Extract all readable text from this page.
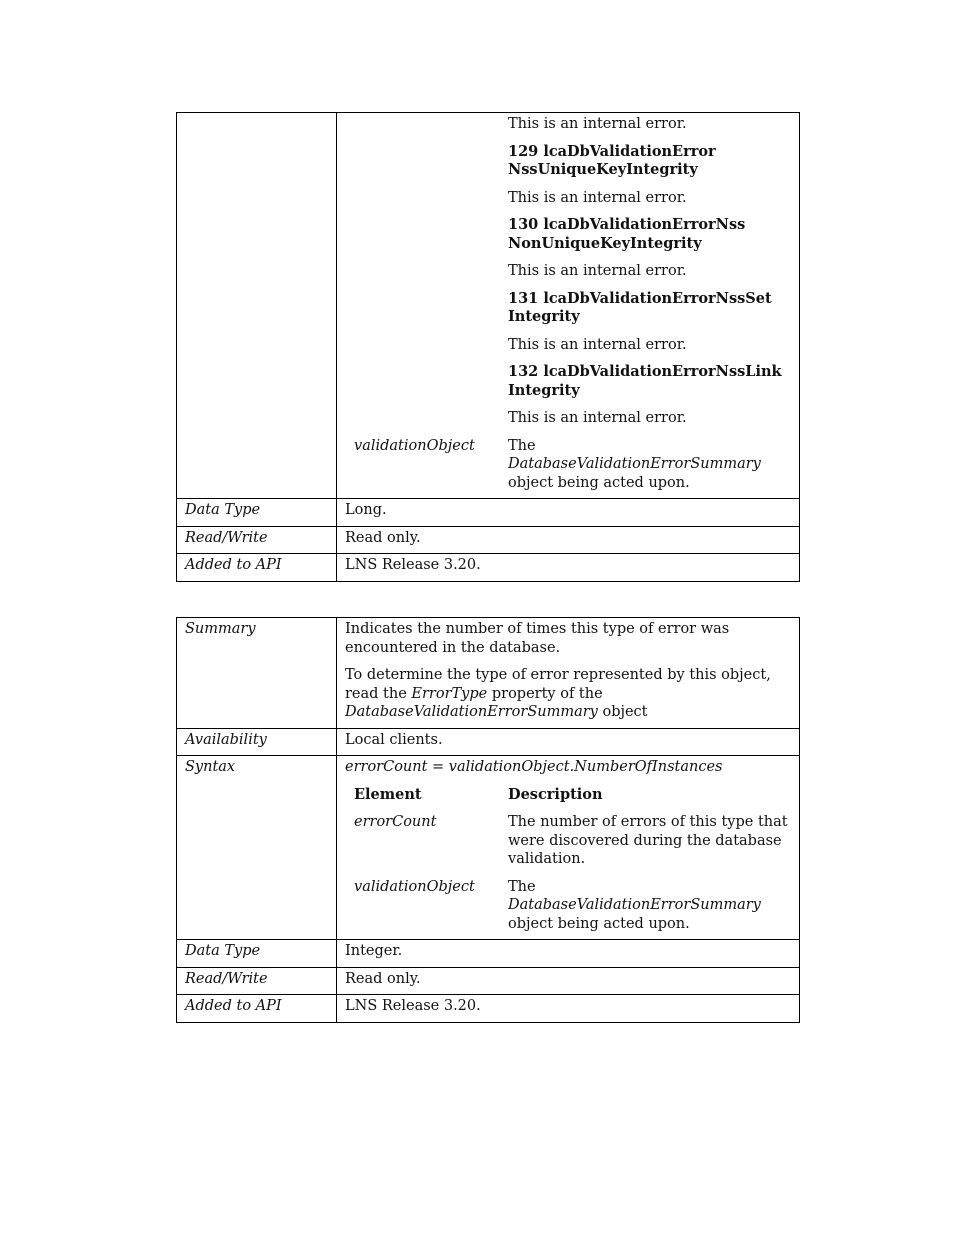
	This is an internal error.

129 lcaDbValidationError
NssUniqueKeyIntegrity

	This is an internal error.

130 lcaDbValidationErrorNss
NonUniqueKeyIntegrity

	This is an internal error.

131 lcaDbValidationErrorNssSet
Integrity

	This is an internal error.

132 lcaDbValidationErrorNssLink
Integrity

	This is an internal error.
validationObject	The DatabaseValidationErrorSummary
object being acted upon.

Data Type	Long.
Read/Write	Read only.
Added to API	LNS Release 3.20.
Summary	Indicates the number of times this type of error was encountered in the database.

To determine the type of error represented by this object, read the ErrorType property of the
DatabaseValidationErrorSummary object

Availability	Local clients.
Syntax	errorCount = validationObject.NumberOfInstances

Element	Description
errorCount	The number of errors of this type that were discovered during the database validation.
validationObject	The DatabaseValidationErrorSummary
object being acted upon.

Data Type	Integer.
Read/Write	Read only.
Added to API	LNS Release 3.20.
